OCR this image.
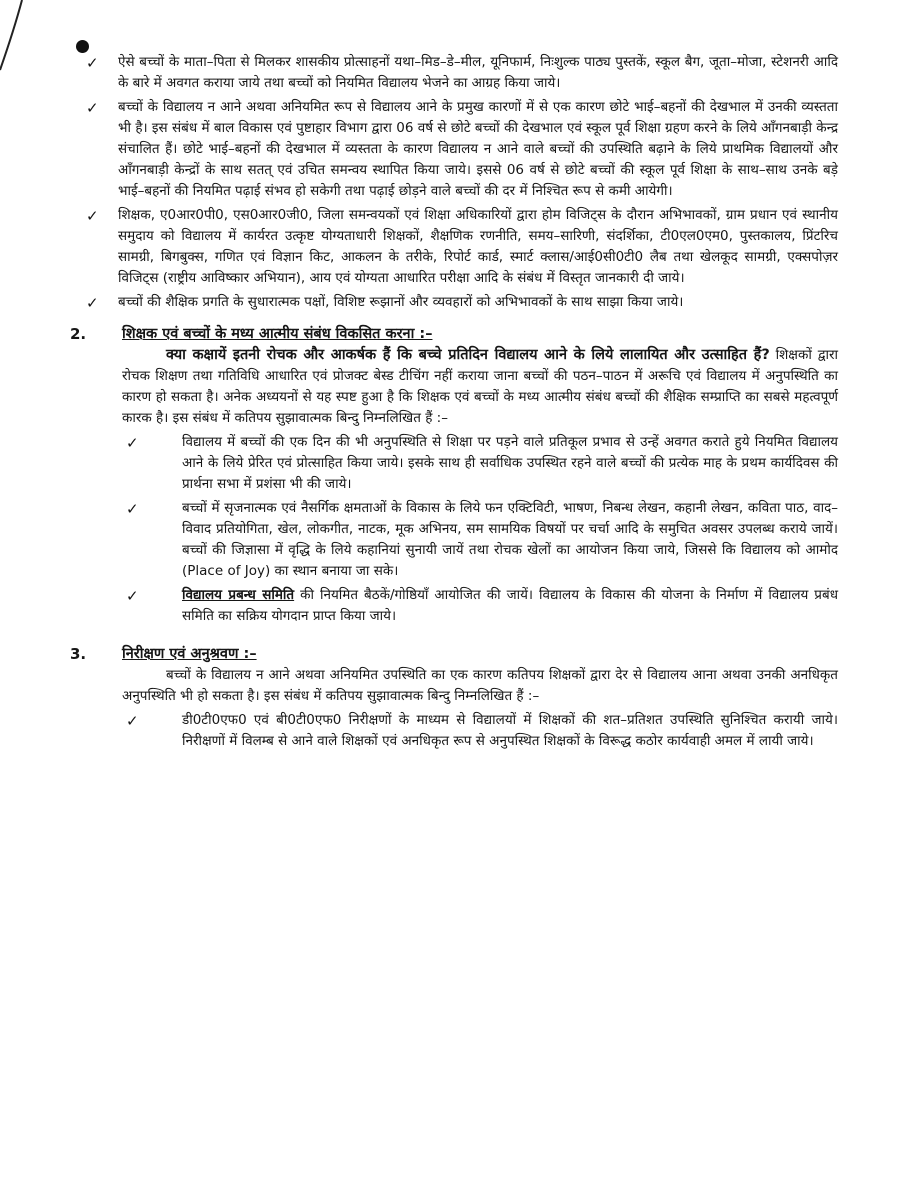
✓ ऐसे बच्चों के माता–पिता से मिलकर शासकीय प्रोत्साहनों यथा–मिड–डे–मील, यूनिफार्म, निःशुल्क पाठ्य पुस्तकें, स्कूल बैग, जूता–मोजा, स्टेशनरी आदि के बारे में अवगत कराया जाये तथा बच्चों को नियमित विद्यालय भेजने का आग्रह किया जाये।

✓ बच्चों के विद्यालय न आने अथवा अनियमित रूप से विद्यालय आने के प्रमुख कारणों में से एक कारण छोटे भाई–बहनों की देखभाल में उनकी व्यस्तता भी है। इस संबंध में बाल विकास एवं पुष्टाहार विभाग द्वारा 06 वर्ष से छोटे बच्चों की देखभाल एवं स्कूल पूर्व शिक्षा ग्रहण करने के लिये आँगनबाड़ी केन्द्र संचालित हैं। छोटे भाई–बहनों की देखभाल में व्यस्तता के कारण विद्यालय न आने वाले बच्चों की उपस्थिति बढ़ाने के लिये प्राथमिक विद्यालयों और आँगनबाड़ी केन्द्रों के साथ सतत् एवं उचित समन्वय स्थापित किया जाये। इससे 06 वर्ष से छोटे बच्चों की स्कूल पूर्व शिक्षा के साथ–साथ उनके बड़े भाई–बहनों की नियमित पढ़ाई संभव हो सकेगी तथा पढ़ाई छोड़ने वाले बच्चों की दर में निश्चित रूप से कमी आयेगी।

✓ शिक्षक, ए0आर0पी0, एस0आर0जी0, जिला समन्वयकों एवं शिक्षा अधिकारियों द्वारा होम विजिट्स के दौरान अभिभावकों, ग्राम प्रधान एवं स्थानीय समुदाय को विद्यालय में कार्यरत उत्कृष्ट योग्यताधारी शिक्षकों, शैक्षणिक रणनीति, समय–सारिणी, संदर्शिका, टी0एल0एम0, पुस्तकालय, प्रिंटरिच सामग्री, बिगबुक्स, गणित एवं विज्ञान किट, आकलन के तरीके, रिपोर्ट कार्ड, स्मार्ट क्लास/आई0सी0टी0 लैब तथा खेलकूद सामग्री, एक्सपोज़र विजिट्स (राष्ट्रीय आविष्कार अभियान), आय एवं योग्यता आधारित परीक्षा आदि के संबंध में विस्तृत जानकारी दी जाये।

✓ बच्चों की शैक्षिक प्रगति के सुधारात्मक पक्षों, विशिष्ट रूझानों और व्यवहारों को अभिभावकों के साथ साझा किया जाये।

2. शिक्षक एवं बच्चों के मध्य आत्मीय संबंध विकसित करना :–

क्या कक्षायें इतनी रोचक और आकर्षक हैं कि बच्चे प्रतिदिन विद्यालय आने के लिये लालायित और उत्साहित हैं? शिक्षकों द्वारा रोचक शिक्षण तथा गतिविधि आधारित एवं प्रोजक्ट बेस्ड टीचिंग नहीं कराया जाना बच्चों की पठन–पाठन में अरूचि एवं विद्यालय में अनुपस्थिति का कारण हो सकता है। अनेक अध्ययनों से यह स्पष्ट हुआ है कि शिक्षक एवं बच्चों के मध्य आत्मीय संबंध बच्चों की शैक्षिक सम्प्राप्ति का सबसे महत्वपूर्ण कारक है। इस संबंध में कतिपय सुझावात्मक बिन्दु निम्नलिखित हैं :–

✓	विद्यालय में बच्चों की एक दिन की भी अनुपस्थिति से शिक्षा पर पड़ने वाले प्रतिकूल प्रभाव से उन्हें अवगत कराते हुये नियमित विद्यालय आने के लिये प्रेरित एवं प्रोत्साहित किया जाये। इसके साथ ही सर्वाधिक उपस्थित रहने वाले बच्चों की प्रत्येक माह के प्रथम कार्यदिवस की प्रार्थना सभा में प्रशंसा भी की जाये।

✓	बच्चों में सृजनात्मक एवं नैसर्गिक क्षमताओं के विकास के लिये फन एक्टिविटी, भाषण, निबन्ध लेखन, कहानी लेखन, कविता पाठ, वाद–विवाद प्रतियोगिता, खेल, लोकगीत, नाटक, मूक अभिनय, सम सामयिक विषयों पर चर्चा आदि के समुचित अवसर उपलब्ध कराये जायें। बच्चों की जिज्ञासा में वृद्धि के लिये कहानियां सुनायी जायें तथा रोचक खेलों का आयोजन किया जाये, जिससे कि विद्यालय को आमोद (Place of Joy) का स्थान बनाया जा सके।

✓	विद्यालय प्रबन्ध समिति की नियमित बैठकें/गोष्ठियाँ आयोजित की जायें। विद्यालय के विकास की योजना के निर्माण में विद्यालय प्रबंध समिति का सक्रिय योगदान प्राप्त किया जाये।

3. निरीक्षण एवं अनुश्रवण :–

बच्चों के विद्यालय न आने अथवा अनियमित उपस्थिति का एक कारण कतिपय शिक्षकों द्वारा देर से विद्यालय आना अथवा उनकी अनधिकृत अनुपस्थिति भी हो सकता है। इस संबंध में कतिपय सुझावात्मक बिन्दु निम्नलिखित हैं :–

✓	डी0टी0एफ0 एवं बी0टी0एफ0 निरीक्षणों के माध्यम से विद्यालयों में शिक्षकों की शत–प्रतिशत उपस्थिति सुनिश्चित करायी जाये। निरीक्षणों में विलम्ब से आने वाले शिक्षकों एवं अनधिकृत रूप से अनुपस्थित शिक्षकों के विरूद्ध कठोर कार्यवाही अमल में लायी जाये।
